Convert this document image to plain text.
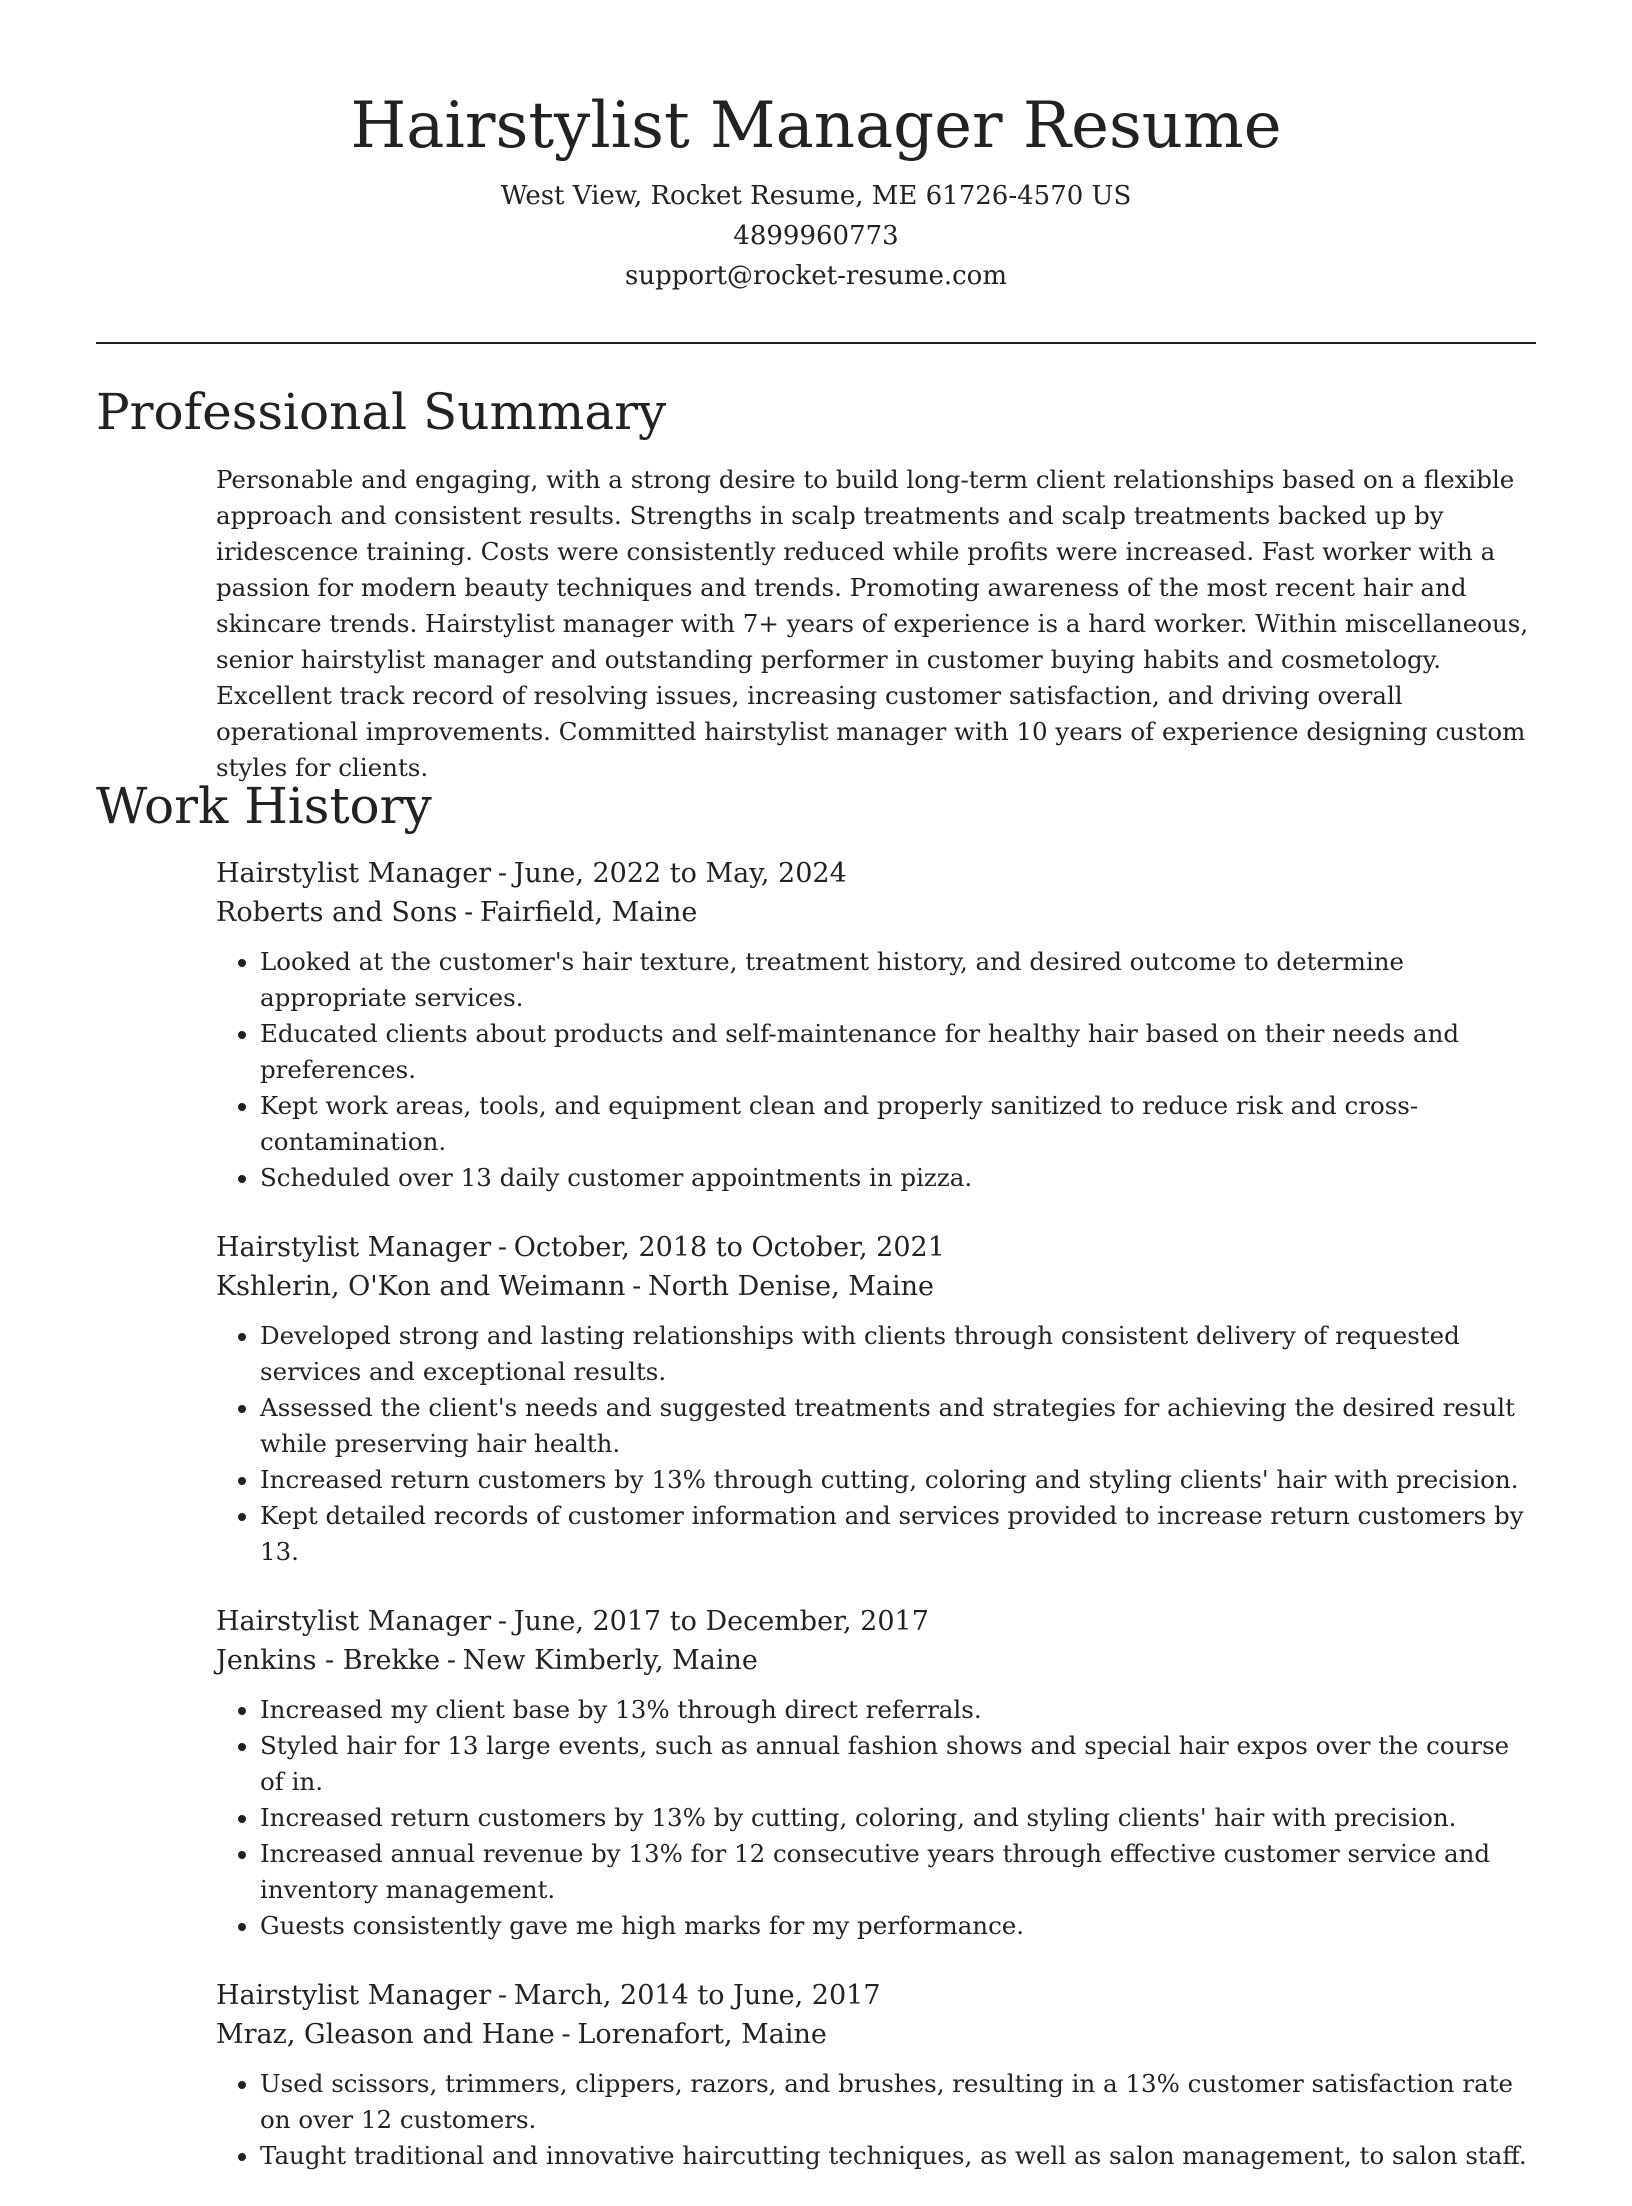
Hairstylist Manager Resume

West View, Rocket Resume, ME 61726-4570 US

4899960773

support@rocket-resume.com

Professional Summary

Personable and engaging, with a strong desire to build long-term client relationships based on a flexible approach and consistent results. Strengths in scalp treatments and scalp treatments backed up by iridescence training. Costs were consistently reduced while profits were increased. Fast worker with a passion for modern beauty techniques and trends. Promoting awareness of the most recent hair and skincare trends. Hairstylist manager with 7+ years of experience is a hard worker. Within miscellaneous, senior hairstylist manager and outstanding performer in customer buying habits and cosmetology. Excellent track record of resolving issues, increasing customer satisfaction, and driving overall operational improvements. Committed hairstylist manager with 10 years of experience designing custom styles for clients.

Work History

Hairstylist Manager - June, 2022 to May, 2024

Roberts and Sons - Fairfield, Maine

• Looked at the customer's hair texture, treatment history, and desired outcome to determine appropriate services.
• Educated clients about products and self-maintenance for healthy hair based on their needs and preferences.
• Kept work areas, tools, and equipment clean and properly sanitized to reduce risk and cross-contamination.
• Scheduled over 13 daily customer appointments in pizza.

Hairstylist Manager - October, 2018 to October, 2021

Kshlerin, O'Kon and Weimann - North Denise, Maine

• Developed strong and lasting relationships with clients through consistent delivery of requested services and exceptional results.
• Assessed the client's needs and suggested treatments and strategies for achieving the desired result while preserving hair health.
• Increased return customers by 13% through cutting, coloring and styling clients' hair with precision.
• Kept detailed records of customer information and services provided to increase return customers by 13.

Hairstylist Manager - June, 2017 to December, 2017

Jenkins - Brekke - New Kimberly, Maine

• Increased my client base by 13% through direct referrals.
• Styled hair for 13 large events, such as annual fashion shows and special hair expos over the course of in.
• Increased return customers by 13% by cutting, coloring, and styling clients' hair with precision.
• Increased annual revenue by 13% for 12 consecutive years through effective customer service and inventory management.
• Guests consistently gave me high marks for my performance.

Hairstylist Manager - March, 2014 to June, 2017

Mraz, Gleason and Hane - Lorenafort, Maine

• Used scissors, trimmers, clippers, razors, and brushes, resulting in a 13% customer satisfaction rate on over 12 customers.
• Taught traditional and innovative haircutting techniques, as well as salon management, to salon staff.
